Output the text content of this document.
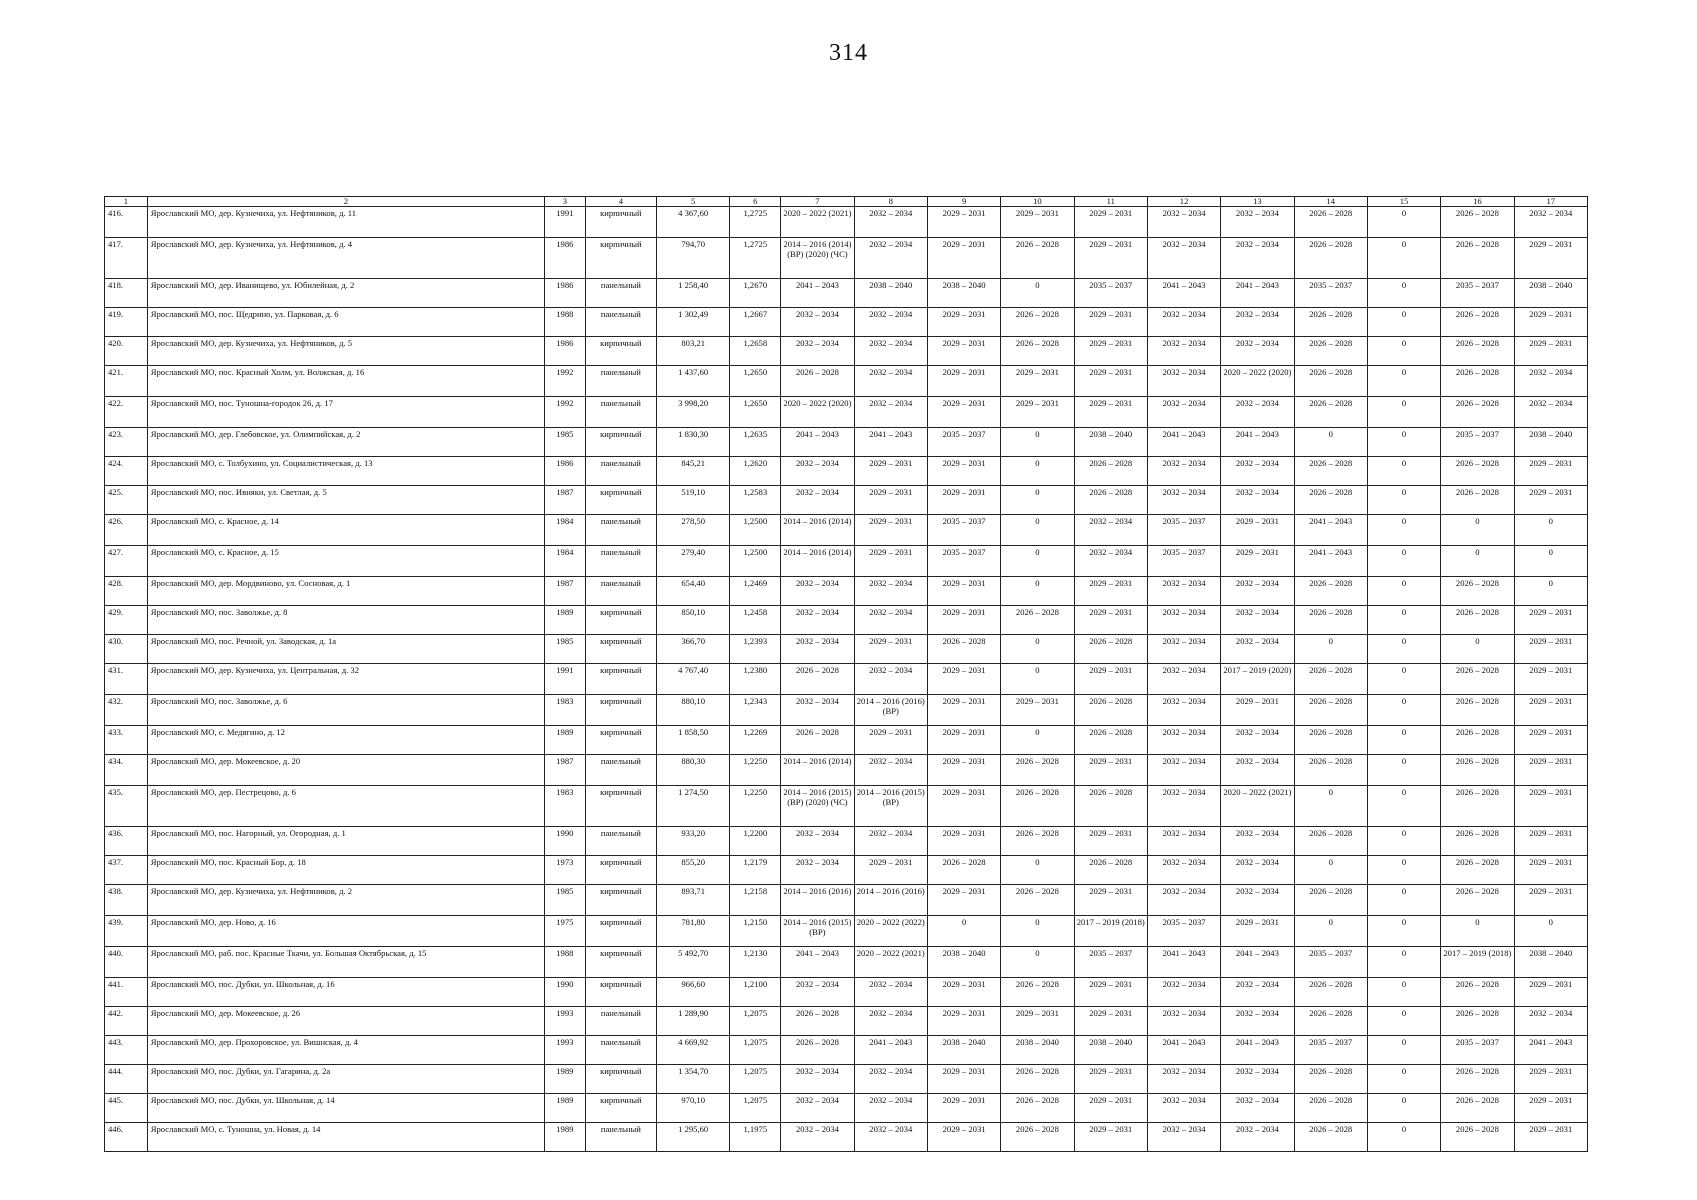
314
1	2	3	4	5	6	7	8	9	10	11	12	13	14	15	16	17
416.	Ярославский МО, дер. Кузнечиха, ул. Нефтяников, д. 11	1991	кирпичный	4 367,60	1,2725	2020 – 2022 (2021)	2032 – 2034	2029 – 2031	2029 – 2031	2029 – 2031	2032 – 2034	2032 – 2034	2026 – 2028	0	2026 – 2028	2032 – 2034
417.	Ярославский МО, дер. Кузнечиха, ул. Нефтяников, д. 4	1986	кирпичный	794,70	1,2725	2014 – 2016 (2014) (ВР) (2020) (ЧС)	2032 – 2034	2029 – 2031	2026 – 2028	2029 – 2031	2032 – 2034	2032 – 2034	2026 – 2028	0	2026 – 2028	2029 – 2031
418.	Ярославский МО, дер. Иванищево, ул. Юбилейная, д. 2	1986	панельный	1 258,40	1,2670	2041 – 2043	2038 – 2040	2038 – 2040	0	2035 – 2037	2041 – 2043	2041 – 2043	2035 – 2037	0	2035 – 2037	2038 – 2040
419.	Ярославский МО, пос. Щедрино, ул. Парковая, д. 6	1988	панельный	1 302,49	1,2667	2032 – 2034	2032 – 2034	2029 – 2031	2026 – 2028	2029 – 2031	2032 – 2034	2032 – 2034	2026 – 2028	0	2026 – 2028	2029 – 2031
420.	Ярославский МО, дер. Кузнечиха, ул. Нефтяников, д. 5	1986	кирпичный	803,21	1,2658	2032 – 2034	2032 – 2034	2029 – 2031	2026 – 2028	2029 – 2031	2032 – 2034	2032 – 2034	2026 – 2028	0	2026 – 2028	2029 – 2031
421.	Ярославский МО, пос. Красный Холм, ул. Волжская, д. 16	1992	панельный	1 437,60	1,2650	2026 – 2028	2032 – 2034	2029 – 2031	2029 – 2031	2029 – 2031	2032 – 2034	2020 – 2022 (2020)	2026 – 2028	0	2026 – 2028	2032 – 2034
422.	Ярославский МО, пос. Туношна-городок 26, д. 17	1992	панельный	3 998,20	1,2650	2020 – 2022 (2020)	2032 – 2034	2029 – 2031	2029 – 2031	2029 – 2031	2032 – 2034	2032 – 2034	2026 – 2028	0	2026 – 2028	2032 – 2034
423.	Ярославский МО, дер. Глебовское, ул. Олимпийская, д. 2	1985	кирпичный	1 830,30	1,2635	2041 – 2043	2041 – 2043	2035 – 2037	0	2038 – 2040	2041 – 2043	2041 – 2043	0	0	2035 – 2037	2038 – 2040
424.	Ярославский МО, с. Толбухино, ул. Социалистическая, д. 13	1986	панельный	845,21	1,2620	2032 – 2034	2029 – 2031	2029 – 2031	0	2026 – 2028	2032 – 2034	2032 – 2034	2026 – 2028	0	2026 – 2028	2029 – 2031
425.	Ярославский МО, пос. Ивняки, ул. Светлая, д. 5	1987	кирпичный	519,10	1,2583	2032 – 2034	2029 – 2031	2029 – 2031	0	2026 – 2028	2032 – 2034	2032 – 2034	2026 – 2028	0	2026 – 2028	2029 – 2031
426.	Ярославский МО, с. Красное, д. 14	1984	панельный	278,50	1,2500	2014 – 2016 (2014)	2029 – 2031	2035 – 2037	0	2032 – 2034	2035 – 2037	2029 – 2031	2041 – 2043	0	0	0
427.	Ярославский МО, с. Красное, д. 15	1984	панельный	279,40	1,2500	2014 – 2016 (2014)	2029 – 2031	2035 – 2037	0	2032 – 2034	2035 – 2037	2029 – 2031	2041 – 2043	0	0	0
428.	Ярославский МО, дер. Мордвиново, ул. Сосновая, д. 1	1987	панельный	654,40	1,2469	2032 – 2034	2032 – 2034	2029 – 2031	0	2029 – 2031	2032 – 2034	2032 – 2034	2026 – 2028	0	2026 – 2028	0
429.	Ярославский МО, пос. Заволжье, д. 8	1989	кирпичный	850,10	1,2458	2032 – 2034	2032 – 2034	2029 – 2031	2026 – 2028	2029 – 2031	2032 – 2034	2032 – 2034	2026 – 2028	0	2026 – 2028	2029 – 2031
430.	Ярославский МО, пос. Речной, ул. Заводская, д. 1а	1985	кирпичный	366,70	1,2393	2032 – 2034	2029 – 2031	2026 – 2028	0	2026 – 2028	2032 – 2034	2032 – 2034	0	0	0	2029 – 2031
431.	Ярославский МО, дер. Кузнечиха, ул. Центральная, д. 32	1991	кирпичный	4 767,40	1,2380	2026 – 2028	2032 – 2034	2029 – 2031	0	2029 – 2031	2032 – 2034	2017 – 2019 (2020)	2026 – 2028	0	2026 – 2028	2029 – 2031
432.	Ярославский МО, пос. Заволжье, д. 6	1983	кирпичный	880,10	1,2343	2032 – 2034	2014 – 2016 (2016) (ВР)	2029 – 2031	2029 – 2031	2026 – 2028	2032 – 2034	2029 – 2031	2026 – 2028	0	2026 – 2028	2029 – 2031
433.	Ярославский МО, с. Медягино, д. 12	1989	кирпичный	1 858,50	1,2269	2026 – 2028	2029 – 2031	2029 – 2031	0	2026 – 2028	2032 – 2034	2032 – 2034	2026 – 2028	0	2026 – 2028	2029 – 2031
434.	Ярославский МО, дер. Мокеевское, д. 20	1987	панельный	880,30	1,2250	2014 – 2016 (2014)	2032 – 2034	2029 – 2031	2026 – 2028	2029 – 2031	2032 – 2034	2032 – 2034	2026 – 2028	0	2026 – 2028	2029 – 2031
435.	Ярославский МО, дер. Пестрецово, д. 6	1983	кирпичный	1 274,50	1,2250	2014 – 2016 (2015) (ВР) (2020) (ЧС)	2014 – 2016 (2015) (ВР)	2029 – 2031	2026 – 2028	2026 – 2028	2032 – 2034	2020 – 2022 (2021)	0	0	2026 – 2028	2029 – 2031
436.	Ярославский МО, пос. Нагорный, ул. Огородная, д. 1	1990	панельный	933,20	1,2200	2032 – 2034	2032 – 2034	2029 – 2031	2026 – 2028	2029 – 2031	2032 – 2034	2032 – 2034	2026 – 2028	0	2026 – 2028	2029 – 2031
437.	Ярославский МО, пос. Красный Бор, д. 18	1973	кирпичный	855,20	1,2179	2032 – 2034	2029 – 2031	2026 – 2028	0	2026 – 2028	2032 – 2034	2032 – 2034	0	0	2026 – 2028	2029 – 2031
438.	Ярославский МО, дер. Кузнечиха, ул. Нефтяников, д. 2	1985	кирпичный	893,71	1,2158	2014 – 2016 (2016)	2014 – 2016 (2016)	2029 – 2031	2026 – 2028	2029 – 2031	2032 – 2034	2032 – 2034	2026 – 2028	0	2026 – 2028	2029 – 2031
439.	Ярославский МО, дер. Ново, д. 16	1975	кирпичный	781,80	1,2150	2014 – 2016 (2015) (ВР)	2020 – 2022 (2022)	0	0	2017 – 2019 (2018)	2035 – 2037	2029 – 2031	0	0	0	0
440.	Ярославский МО, раб. пос. Красные Ткачи, ул. Большая Октябрьская, д. 15	1988	кирпичный	5 492,70	1,2130	2041 – 2043	2020 – 2022 (2021)	2038 – 2040	0	2035 – 2037	2041 – 2043	2041 – 2043	2035 – 2037	0	2017 – 2019 (2018)	2038 – 2040
441.	Ярославский МО, пос. Дубки, ул. Школьная, д. 16	1990	кирпичный	966,60	1,2100	2032 – 2034	2032 – 2034	2029 – 2031	2026 – 2028	2029 – 2031	2032 – 2034	2032 – 2034	2026 – 2028	0	2026 – 2028	2029 – 2031
442.	Ярославский МО, дер. Мокеевское, д. 26	1993	панельный	1 289,90	1,2075	2026 – 2028	2032 – 2034	2029 – 2031	2029 – 2031	2029 – 2031	2032 – 2034	2032 – 2034	2026 – 2028	0	2026 – 2028	2032 – 2034
443.	Ярославский МО, дер. Прохоровское, ул. Вишнская, д. 4	1993	панельный	4 669,92	1,2075	2026 – 2028	2041 – 2043	2038 – 2040	2038 – 2040	2038 – 2040	2041 – 2043	2041 – 2043	2035 – 2037	0	2035 – 2037	2041 – 2043
444.	Ярославский МО, пос. Дубки, ул. Гагарина, д. 2а	1989	кирпичный	1 354,70	1,2075	2032 – 2034	2032 – 2034	2029 – 2031	2026 – 2028	2029 – 2031	2032 – 2034	2032 – 2034	2026 – 2028	0	2026 – 2028	2029 – 2031
445.	Ярославский МО, пос. Дубки, ул. Школьная, д. 14	1989	кирпичный	970,10	1,2075	2032 – 2034	2032 – 2034	2029 – 2031	2026 – 2028	2029 – 2031	2032 – 2034	2032 – 2034	2026 – 2028	0	2026 – 2028	2029 – 2031
446.	Ярославский МО, с. Туношна, ул. Новая, д. 14	1989	панельный	1 295,60	1,1975	2032 – 2034	2032 – 2034	2029 – 2031	2026 – 2028	2029 – 2031	2032 – 2034	2032 – 2034	2026 – 2028	0	2026 – 2028	2029 – 2031
